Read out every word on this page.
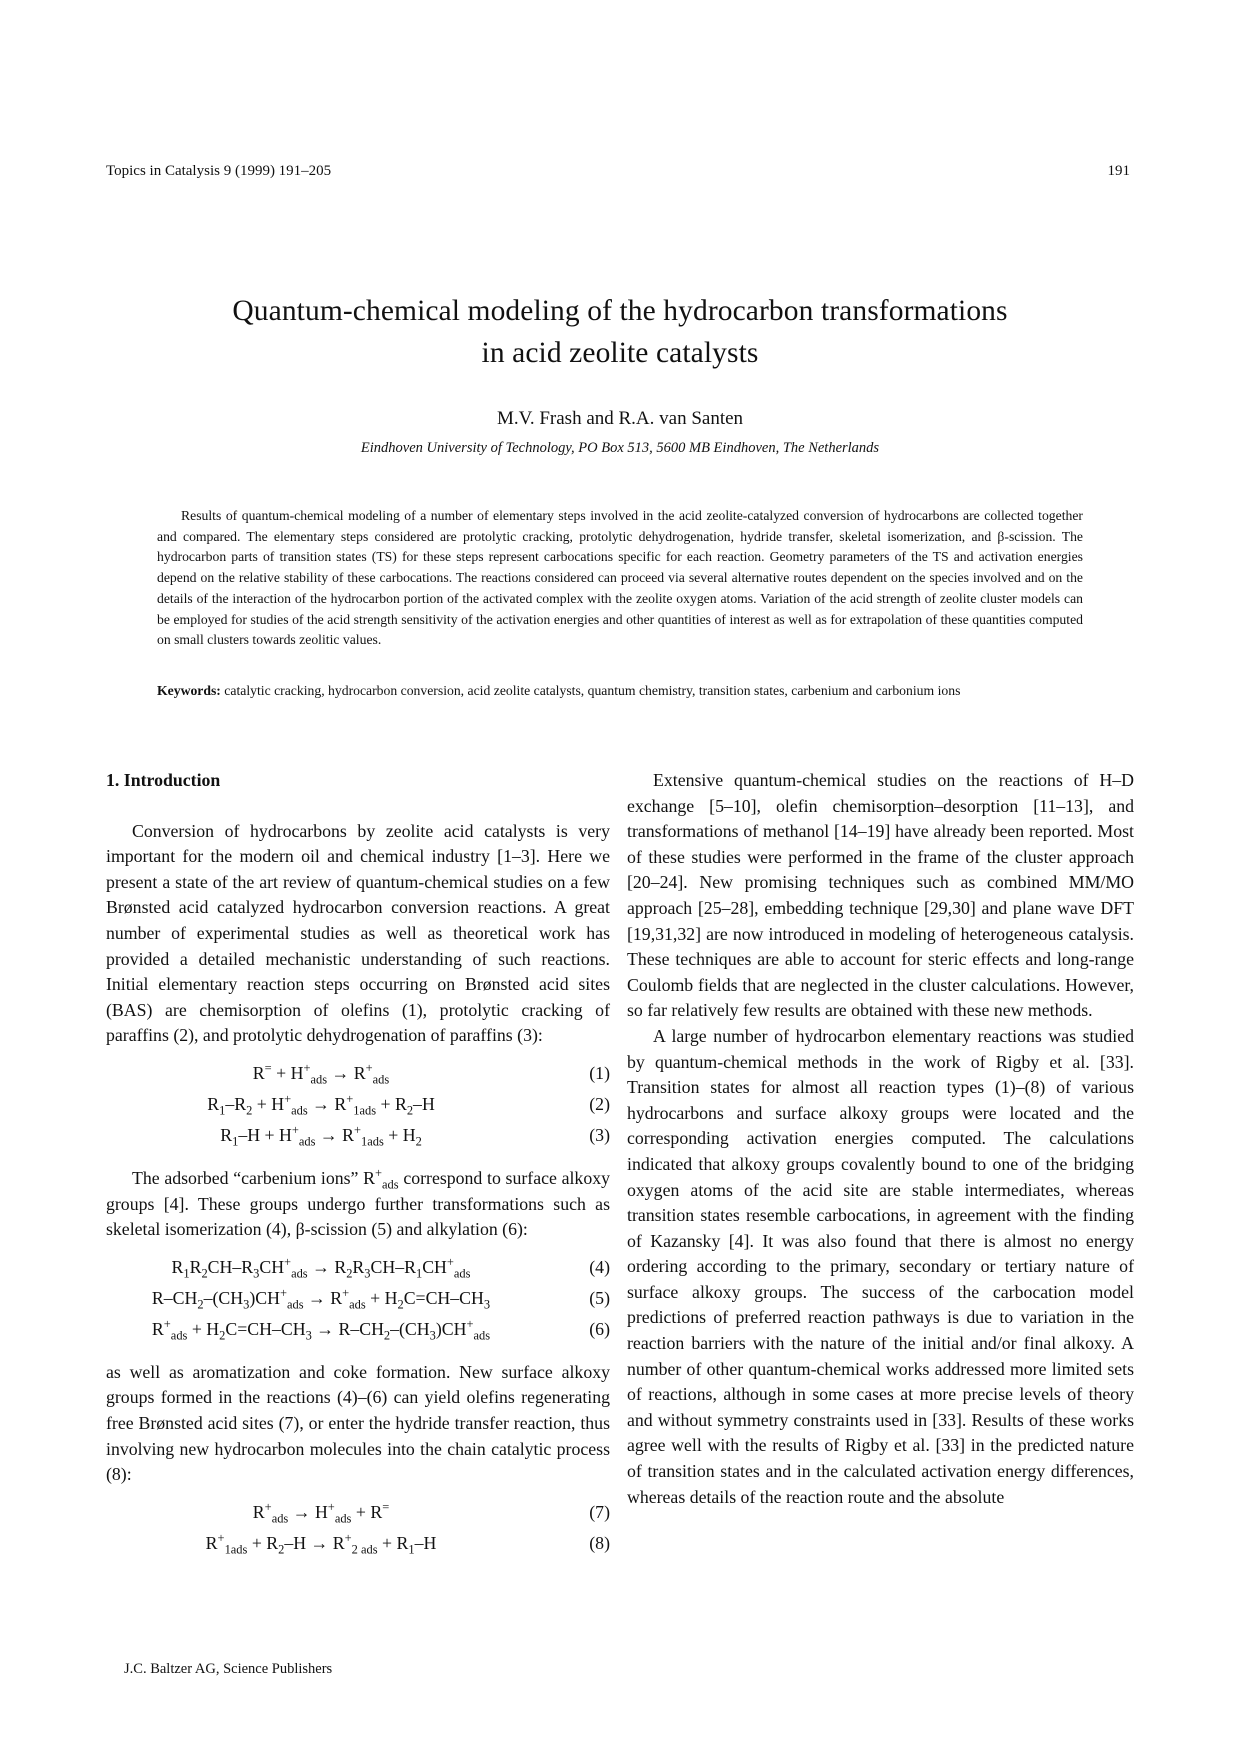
Topics in Catalysis 9 (1999) 191–205	191
Quantum-chemical modeling of the hydrocarbon transformations
in acid zeolite catalysts
M.V. Frash and R.A. van Santen
Eindhoven University of Technology, PO Box 513, 5600 MB Eindhoven, The Netherlands

Results of quantum-chemical modeling of a number of elementary steps involved in the acid zeolite-catalyzed conversion of hydrocarbons are collected together and compared. The elementary steps considered are protolytic cracking, protolytic dehydrogenation, hydride transfer, skeletal isomerization, and β-scission. The hydrocarbon parts of transition states (TS) for these steps represent carbocations specific for each reaction. Geometry parameters of the TS and activation energies depend on the relative stability of these carbocations. The reactions considered can proceed via several alternative routes dependent on the species involved and on the details of the interaction of the hydrocarbon portion of the activated complex with the zeolite oxygen atoms. Variation of the acid strength of zeolite cluster models can be employed for studies of the acid strength sensitivity of the activation energies and other quantities of interest as well as for extrapolation of these quantities computed on small clusters towards zeolitic values.

Keywords: catalytic cracking, hydrocarbon conversion, acid zeolite catalysts, quantum chemistry, transition states, carbenium and carbonium ions

1. Introduction

Conversion of hydrocarbons by zeolite acid catalysts is very important for the modern oil and chemical industry [1–3]. Here we present a state of the art review of quantum-chemical studies on a few Brønsted acid catalyzed hydrocarbon conversion reactions. A great number of experimental studies as well as theoretical work has provided a detailed mechanistic understanding of such reactions. Initial elementary reaction steps occurring on Brønsted acid sites (BAS) are chemisorption of olefins (1), protolytic cracking of paraffins (2), and protolytic dehydrogenation of paraffins (3):

$R^= + H^+_{ads} \to R^+_{ads}$	(1)
$R_1-R_2 + H^+_{ads} \to R^+_{1ads} + R_2-H$	(2)
$R_1-H + H^+_{ads} \to R^+_{1ads} + H_2$	(3)

The adsorbed “carbenium ions” $R^+_{ads}$ correspond to surface alkoxy groups [4]. These groups undergo further transformations such as skeletal isomerization (4), β-scission (5) and alkylation (6):

$R_1R_2CH-R_3CH^+_{ads} \to R_2R_3CH-R_1CH^+_{ads}$	(4)
$R-CH_2-(CH_3)CH^+_{ads} \to R^+_{ads} + H_2C=CH-CH_3$	(5)
$R^+_{ads} + H_2C=CH-CH_3 \to R-CH_2-(CH_3)CH^+_{ads}$	(6)

as well as aromatization and coke formation. New surface alkoxy groups formed in the reactions (4)–(6) can yield olefins regenerating free Brønsted acid sites (7), or enter the hydride transfer reaction, thus involving new hydrocarbon molecules into the chain catalytic process (8):

$R^+_{ads} \to H^+_{ads} + R^=$	(7)
$R^+_{1ads} + R_2-H \to R^+_{2 ads} + R_1-H$	(8)

Extensive quantum-chemical studies on the reactions of H–D exchange [5–10], olefin chemisorption–desorption [11–13], and transformations of methanol [14–19] have already been reported. Most of these studies were performed in the frame of the cluster approach [20–24]. New promising techniques such as combined MM/MO approach [25–28], embedding technique [29,30] and plane wave DFT [19,31,32] are now introduced in modeling of heterogeneous catalysis. These techniques are able to account for steric effects and long-range Coulomb fields that are neglected in the cluster calculations. However, so far relatively few results are obtained with these new methods.

A large number of hydrocarbon elementary reactions was studied by quantum-chemical methods in the work of Rigby et al. [33]. Transition states for almost all reaction types (1)–(8) of various hydrocarbons and surface alkoxy groups were located and the corresponding activation energies computed. The calculations indicated that alkoxy groups covalently bound to one of the bridging oxygen atoms of the acid site are stable intermediates, whereas transition states resemble carbocations, in agreement with the finding of Kazansky [4]. It was also found that there is almost no energy ordering according to the primary, secondary or tertiary nature of surface alkoxy groups. The success of the carbocation model predictions of preferred reaction pathways is due to variation in the reaction barriers with the nature of the initial and/or final alkoxy. A number of other quantum-chemical works addressed more limited sets of reactions, although in some cases at more precise levels of theory and without symmetry constraints used in [33]. Results of these works agree well with the results of Rigby et al. [33] in the predicted nature of transition states and in the calculated activation energy differences, whereas details of the reaction route and the absolute

J.C. Baltzer AG, Science Publishers
